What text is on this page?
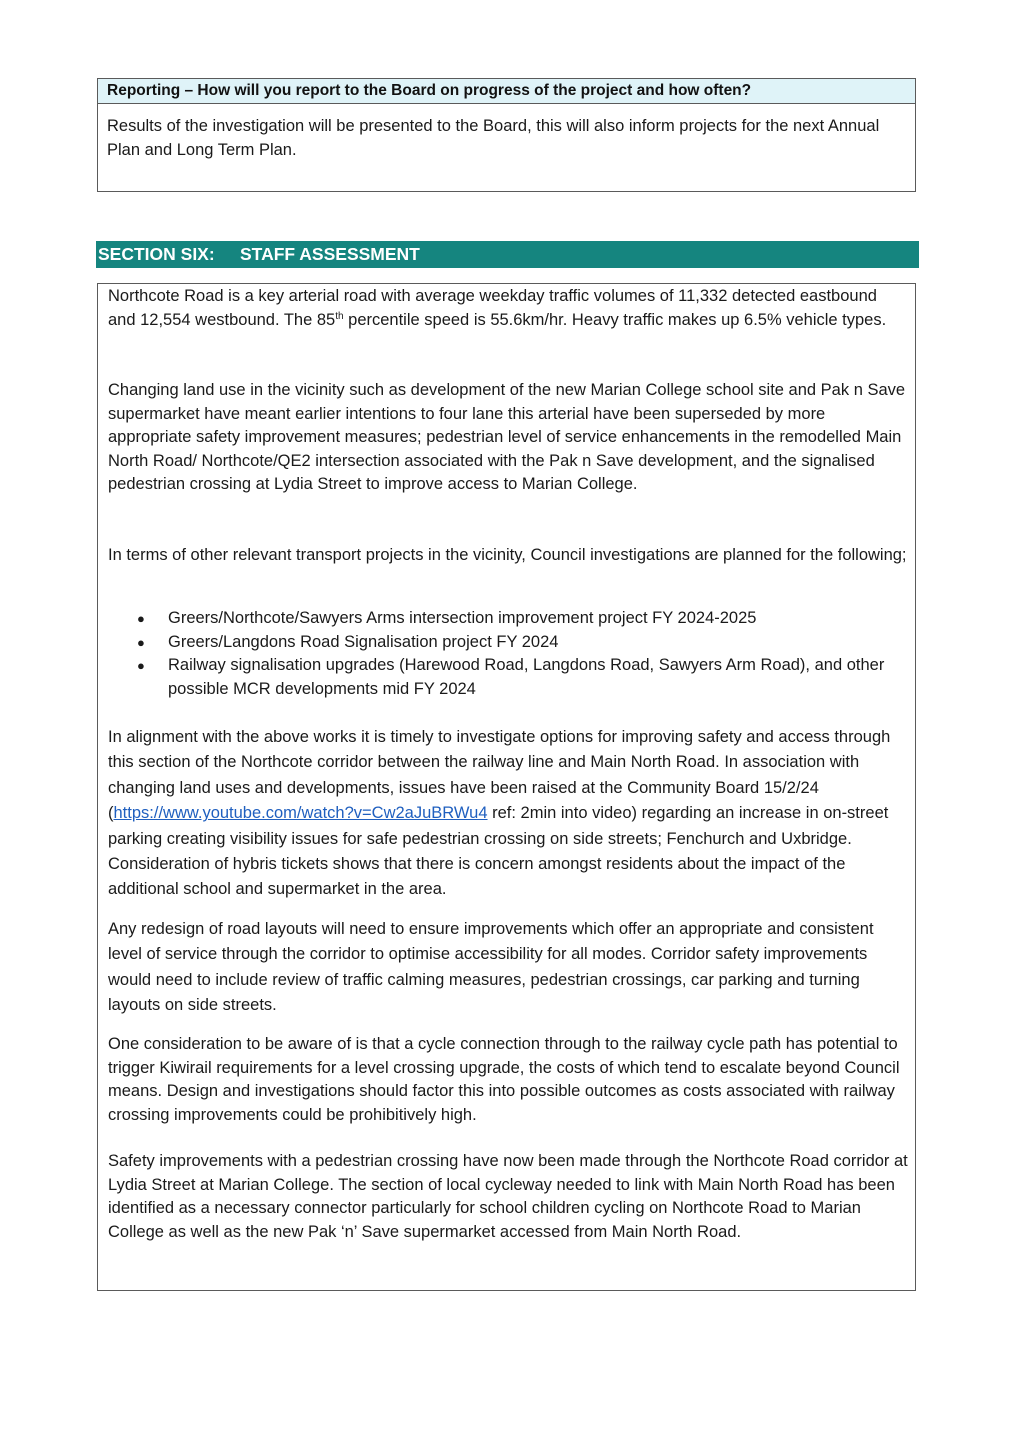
Reporting – How will you report to the Board on progress of the project and how often?
Results of the investigation will be presented to the Board, this will also inform projects for the next Annual Plan and Long Term Plan.
SECTION SIX: STAFF ASSESSMENT

Northcote Road is a key arterial road with average weekday traffic volumes of 11,332 detected eastbound and 12,554 westbound. The 85th percentile speed is 55.6km/hr. Heavy traffic makes up 6.5% vehicle types.

Changing land use in the vicinity such as development of the new Marian College school site and Pak n Save supermarket have meant earlier intentions to four lane this arterial have been superseded by more appropriate safety improvement measures; pedestrian level of service enhancements in the remodelled Main North Road/ Northcote/QE2 intersection associated with the Pak n Save development, and the signalised pedestrian crossing at Lydia Street to improve access to Marian College.

In terms of other relevant transport projects in the vicinity, Council investigations are planned for the following;

● Greers/Northcote/Sawyers Arms intersection improvement project FY 2024-2025
● Greers/Langdons Road Signalisation project FY 2024
● Railway signalisation upgrades (Harewood Road, Langdons Road, Sawyers Arm Road), and other possible MCR developments mid FY 2024

In alignment with the above works it is timely to investigate options for improving safety and access through this section of the Northcote corridor between the railway line and Main North Road. In association with changing land uses and developments, issues have been raised at the Community Board 15/2/24 (https://www.youtube.com/watch?v=Cw2aJuBRWu4 ref: 2min into video) regarding an increase in on-street parking creating visibility issues for safe pedestrian crossing on side streets; Fenchurch and Uxbridge. Consideration of hybris tickets shows that there is concern amongst residents about the impact of the additional school and supermarket in the area.

Any redesign of road layouts will need to ensure improvements which offer an appropriate and consistent level of service through the corridor to optimise accessibility for all modes. Corridor safety improvements would need to include review of traffic calming measures, pedestrian crossings, car parking and turning layouts on side streets.

One consideration to be aware of is that a cycle connection through to the railway cycle path has potential to trigger Kiwirail requirements for a level crossing upgrade, the costs of which tend to escalate beyond Council means. Design and investigations should factor this into possible outcomes as costs associated with railway crossing improvements could be prohibitively high.

Safety improvements with a pedestrian crossing have now been made through the Northcote Road corridor at Lydia Street at Marian College. The section of local cycleway needed to link with Main North Road has been identified as a necessary connector particularly for school children cycling on Northcote Road to Marian College as well as the new Pak ‘n’ Save supermarket accessed from Main North Road.
